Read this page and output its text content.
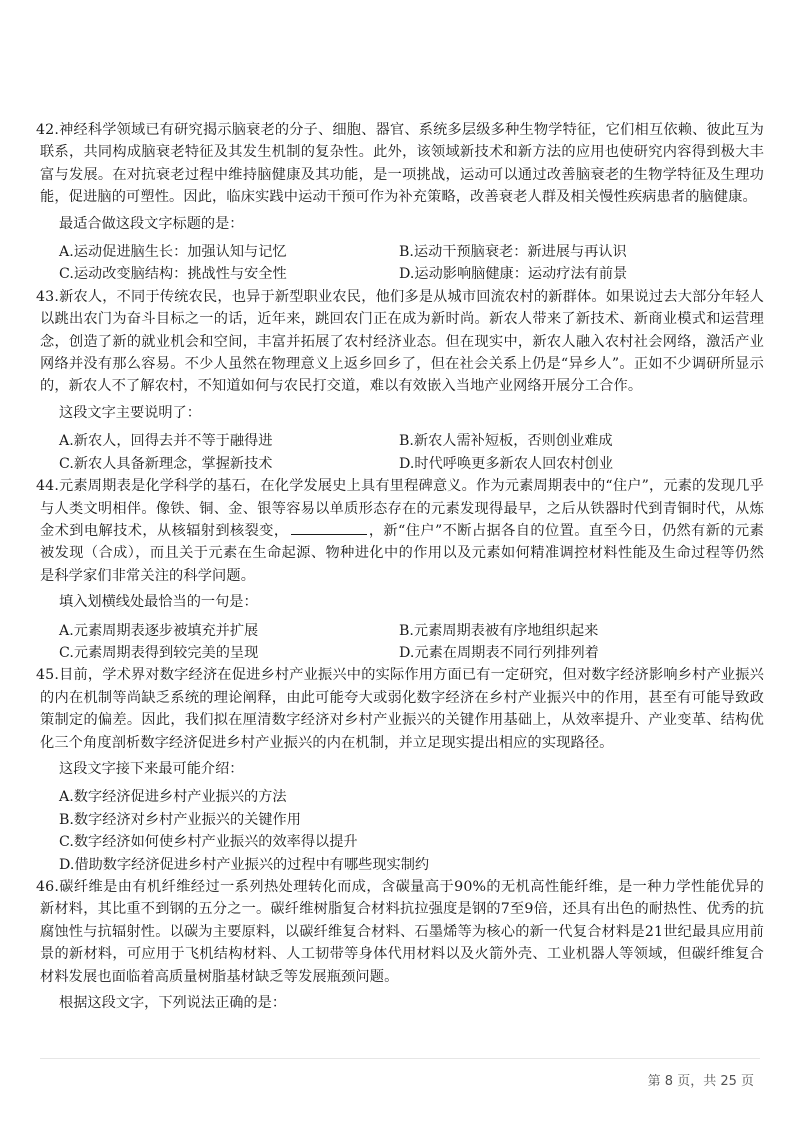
42.神经科学领域已有研究揭示脑衰老的分子、细胞、器官、系统多层级多种生物学特征，它们相互依赖、彼此互为联系，共同构成脑衰老特征及其发生机制的复杂性。此外，该领域新技术和新方法的应用也使研究内容得到极大丰富与发展。在对抗衰老过程中维持脑健康及其功能，是一项挑战，运动可以通过改善脑衰老的生物学特征及生理功能，促进脑的可塑性。因此，临床实践中运动干预可作为补充策略，改善衰老人群及相关慢性疾病患者的脑健康。

最适合做这段文字标题的是：
A.运动促进脑生长：加强认知与记忆	B.运动干预脑衰老：新进展与再认识
C.运动改变脑结构：挑战性与安全性	D.运动影响脑健康：运动疗法有前景

43.新农人，不同于传统农民，也异于新型职业农民，他们多是从城市回流农村的新群体。如果说过去大部分年轻人以跳出农门为奋斗目标之一的话，近年来，跳回农门正在成为新时尚。新农人带来了新技术、新商业模式和运营理念，创造了新的就业机会和空间，丰富并拓展了农村经济业态。但在现实中，新农人融入农村社会网络，激活产业网络并没有那么容易。不少人虽然在物理意义上返乡回乡了，但在社会关系上仍是“异乡人”。正如不少调研所显示的，新农人不了解农村，不知道如何与农民打交道，难以有效嵌入当地产业网络开展分工合作。

这段文字主要说明了：
A.新农人，回得去并不等于融得进	B.新农人需补短板，否则创业难成
C.新农人具备新理念，掌握新技术	D.时代呼唤更多新农人回农村创业

44.元素周期表是化学科学的基石，在化学发展史上具有里程碑意义。作为元素周期表中的“住户”，元素的发现几乎与人类文明相伴。像铁、铜、金、银等容易以单质形态存在的元素发现得最早，之后从铁器时代到青铜时代，从炼金术到电解技术，从核辐射到核裂变，	，新“住户”不断占据各自的位置。直至今日，仍然有新的元素被发现（合成），而且关于元素在生命起源、物种进化中的作用以及元素如何精准调控材料性能及生命过程等仍然是科学家们非常关注的科学问题。

填入划横线处最恰当的一句是：
A.元素周期表逐步被填充并扩展	B.元素周期表被有序地组织起来
C.元素周期表得到较完美的呈现	D.元素在周期表不同行列排列着

45.目前，学术界对数字经济在促进乡村产业振兴中的实际作用方面已有一定研究，但对数字经济影响乡村产业振兴的内在机制等尚缺乏系统的理论阐释，由此可能夸大或弱化数字经济在乡村产业振兴中的作用，甚至有可能导致政策制定的偏差。因此，我们拟在厘清数字经济对乡村产业振兴的关键作用基础上，从效率提升、产业变革、结构优化三个角度剖析数字经济促进乡村产业振兴的内在机制，并立足现实提出相应的实现路径。

这段文字接下来最可能介绍：
A.数字经济促进乡村产业振兴的方法
B.数字经济对乡村产业振兴的关键作用
C.数字经济如何使乡村产业振兴的效率得以提升
D.借助数字经济促进乡村产业振兴的过程中有哪些现实制约

46.碳纤维是由有机纤维经过一系列热处理转化而成，含碳量高于90%的无机高性能纤维，是一种力学性能优异的新材料，其比重不到钢的五分之一。碳纤维树脂复合材料抗拉强度是钢的7至9倍，还具有出色的耐热性、优秀的抗腐蚀性与抗辐射性。以碳为主要原料，以碳纤维复合材料、石墨烯等为核心的新一代复合材料是21世纪最具应用前景的新材料，可应用于飞机结构材料、人工韧带等身体代用材料以及火箭外壳、工业机器人等领域，但碳纤维复合材料发展也面临着高质量树脂基材缺乏等发展瓶颈问题。

根据这段文字，下列说法正确的是：
第 8 页，共 25 页
